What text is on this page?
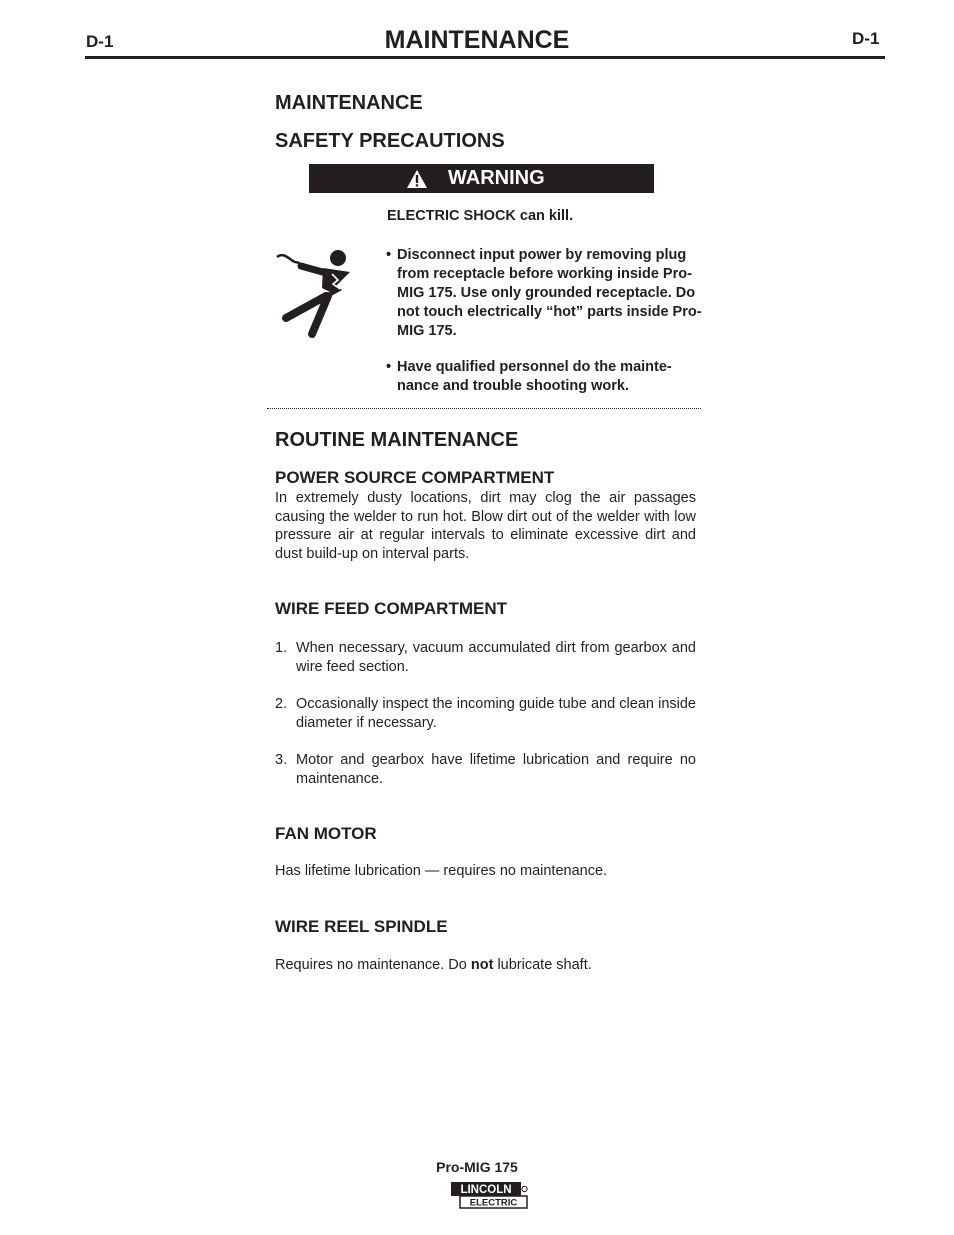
D-1	MAINTENANCE	D-1
MAINTENANCE
SAFETY PRECAUTIONS
WARNING
ELECTRIC SHOCK can kill.
• Disconnect input power by removing plug from receptacle before working inside Pro-MIG 175. Use only grounded receptacle. Do not touch electrically “hot” parts inside Pro-MIG 175.
• Have qualified personnel do the mainte- nance and trouble shooting work.
ROUTINE MAINTENANCE
POWER SOURCE COMPARTMENT
In extremely dusty locations, dirt may clog the air passages causing the welder to run hot. Blow dirt out of the welder with low pressure air at regular intervals to eliminate excessive dirt and dust build-up on interval parts.
WIRE FEED COMPARTMENT
1. When necessary, vacuum accumulated dirt from gearbox and wire feed section.
2. Occasionally inspect the incoming guide tube and clean inside diameter if necessary.
3. Motor and gearbox have lifetime lubrication and require no maintenance.
FAN MOTOR
Has lifetime lubrication — requires no maintenance.
WIRE REEL SPINDLE
Requires no maintenance. Do not lubricate shaft.
Pro-MIG 175
LINCOLN
ELECTRIC
